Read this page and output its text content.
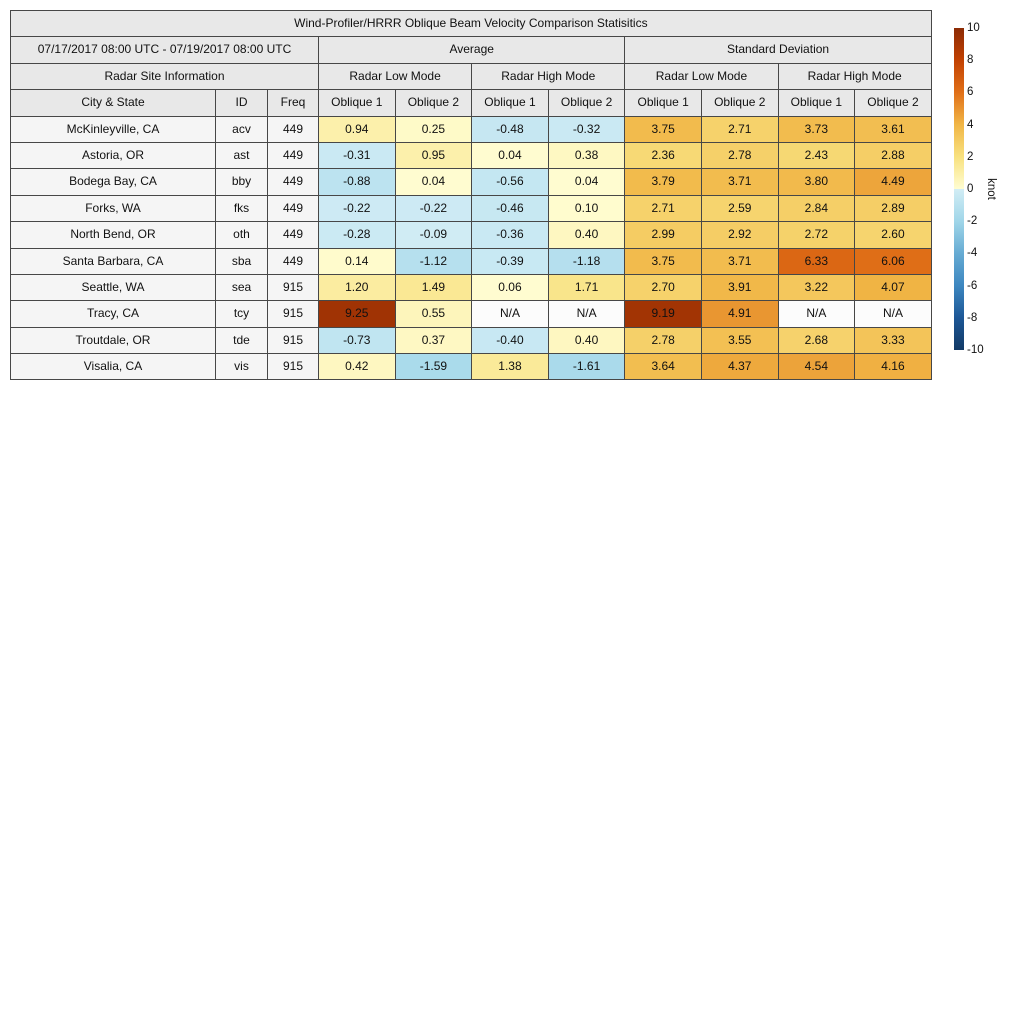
Wind-Profiler/HRRR Oblique Beam Velocity Comparison Statisitics										
07/17/2017 08:00 UTC - 07/19/2017 08:00 UTC			Average				Standard Deviation			
Radar Site Information			Radar Low Mode		Radar High Mode		Radar Low Mode		Radar High Mode	
City & State	ID	Freq	Oblique 1	Oblique 2	Oblique 1	Oblique 2	Oblique 1	Oblique 2	Oblique 1	Oblique 2
McKinleyville, CA	acv	449	0.94	0.25	-0.48	-0.32	3.75	2.71	3.73	3.61
Astoria, OR	ast	449	-0.31	0.95	0.04	0.38	2.36	2.78	2.43	2.88
Bodega Bay, CA	bby	449	-0.88	0.04	-0.56	0.04	3.79	3.71	3.80	4.49
Forks, WA	fks	449	-0.22	-0.22	-0.46	0.10	2.71	2.59	2.84	2.89
North Bend, OR	oth	449	-0.28	-0.09	-0.36	0.40	2.99	2.92	2.72	2.60
Santa Barbara, CA	sba	449	0.14	-1.12	-0.39	-1.18	3.75	3.71	6.33	6.06
Seattle, WA	sea	915	1.20	1.49	0.06	1.71	2.70	3.91	3.22	4.07
Tracy, CA	tcy	915	9.25	0.55	N/A	N/A	9.19	4.91	N/A	N/A
Troutdale, OR	tde	915	-0.73	0.37	-0.40	0.40	2.78	3.55	2.68	3.33
Visalia, CA	vis	915	0.42	-1.59	1.38	-1.61	3.64	4.37	4.54	4.16
10
8
6
4
2
0
-2
-4
-6
-8
-10
knot
